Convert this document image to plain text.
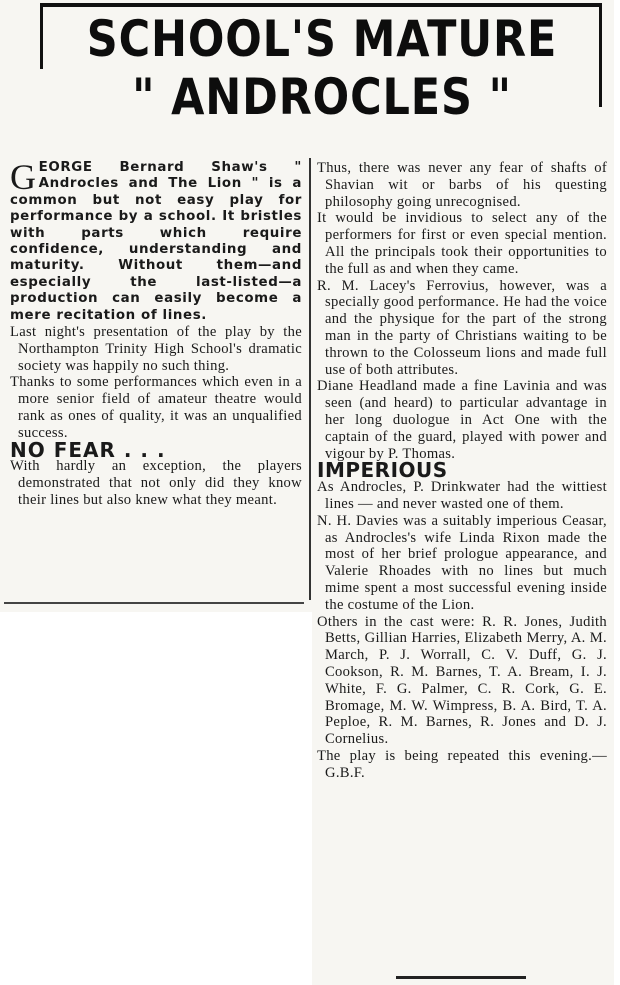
SCHOOL'S MATURE
" ANDROCLES "

GEORGE Bernard Shaw's " Androcles and The Lion " is a common but not easy play for performance by a school. It bristles with parts which require confidence, understanding and maturity. Without them—and especially the last-listed—a production can easily become a mere recitation of lines.

Last night's presentation of the play by the Northampton Trinity High School's dramatic society was happily no such thing.

Thanks to some performances which even in a more senior field of amateur theatre would rank as ones of quality, it was an unqualified success.

NO FEAR . . .

With hardly an exception, the players demonstrated that not only did they know their lines but also knew what they meant.

Thus, there was never any fear of shafts of Shavian wit or barbs of his questing philosophy going unrecognised.

It would be invidious to select any of the performers for first or even special mention. All the principals took their opportunities to the full as and when they came.

R. M. Lacey's Ferrovius, however, was a specially good performance. He had the voice and the physique for the part of the strong man in the party of Christians waiting to be thrown to the Colosseum lions and made full use of both attributes.

Diane Headland made a fine Lavinia and was seen (and heard) to particular advantage in her long duologue in Act One with the captain of the guard, played with power and vigour by P. Thomas.

IMPERIOUS

As Androcles, P. Drinkwater had the wittiest lines — and never wasted one of them.

N. H. Davies was a suitably imperious Ceasar, as Androcles's wife Linda Rixon made the most of her brief prologue appearance, and Valerie Rhoades with no lines but much mime spent a most successful evening inside the costume of the Lion.

Others in the cast were: R. R. Jones, Judith Betts, Gillian Harries, Elizabeth Merry, A. M. March, P. J. Worrall, C. V. Duff, G. J. Cookson, R. M. Barnes, T. A. Bream, I. J. White, F. G. Palmer, C. R. Cork, G. E. Bromage, M. W. Wimpress, B. A. Bird, T. A. Peploe, R. M. Barnes, R. Jones and D. J. Cornelius.

The play is being repeated this evening.— G.B.F.
